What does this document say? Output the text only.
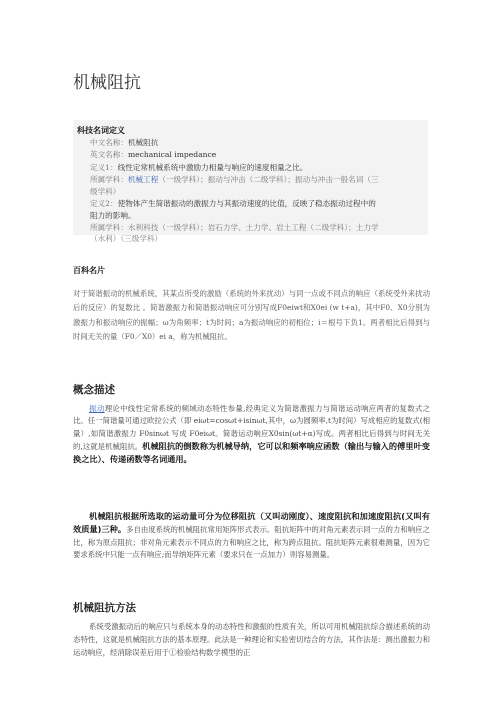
机械阻抗
科技名词定义
中文名称：机械阻抗
英文名称：mechanical impedance
定义1：线性定常机械系统中激励力相量与响应的速度相量之比。
所属学科：机械工程（一级学科）；振动与冲击（二级学科）；振动与冲击一般名词（三
级学科）
定义2：使物体产生简谐振动的激振力与其振动速度的比值，反映了稳态振动过程中的
阻力的影响。
所属学科：水利科技（一级学科）；岩石力学、土力学、岩土工程（二级学科）；土力学
（水利）（三级学科）
百科名片

对于简谐振动的机械系统，其某点所受的激励（系统的外来扰动）与同一点或不同点的响应（系统受外来扰动后的反应）的复数比 。简谐激振力和简谐振动响应可分别写成F0eiwt和X0ei (w t+a)，其中F0、X0分别为激振力和振动响应的振幅；ω为角频率；t为时间；a为振动响应的初相位；i＝根号下负1。两者相比后得到与时间无关的量（F0／X0）ei a，称为机械阻抗。

概念描述

振动理论中线性定常系统的频域动态特性参量,经典定义为简谐激振力与简谐运动响应两者的复数式之比。任一简谐量可通过欧拉公式（即 eiωt=cosωt+isinωt,其中，ω为圆频率,t为时间）写成相应的复数式(相量）,如简谐激振力 F0sinωt 写成 F0eiωt。简谐运动响应X0sin(ωt+α)写成。两者相比后得到与时间无关的,这就是机械阻抗。机械阻抗的倒数称为机械导纳，它可以和频率响应函数（输出与输入的傅里叶变换之比）、传递函数等名词通用。

机械阻抗根据所选取的运动量可分为位移阻抗（又叫动刚度）、速度阻抗和加速度阻抗(又叫有效质量)三种。多自由度系统的机械阻抗常用矩阵形式表示。阻抗矩阵中的对角元素表示同一点的力和响应之比，称为原点阻抗；非对角元素表示不同点的力和响应之比，称为跨点阻抗。阻抗矩阵元素很难测量，因为它要求系统中只能一点有响应;而导纳矩阵元素（要求只在一点加力）则容易测量。

机械阻抗方法

系统受激振动后的响应只与系统本身的动态特性和激振的性质有关，所以可用机械阻抗综合描述系统的动态特性，这就是机械阻抗方法的基本原理。此法是一种理论和实验密切结合的方法，其作法是：测出激振力和运动响应，经消除误差后用于①检验结构数学模型的正
